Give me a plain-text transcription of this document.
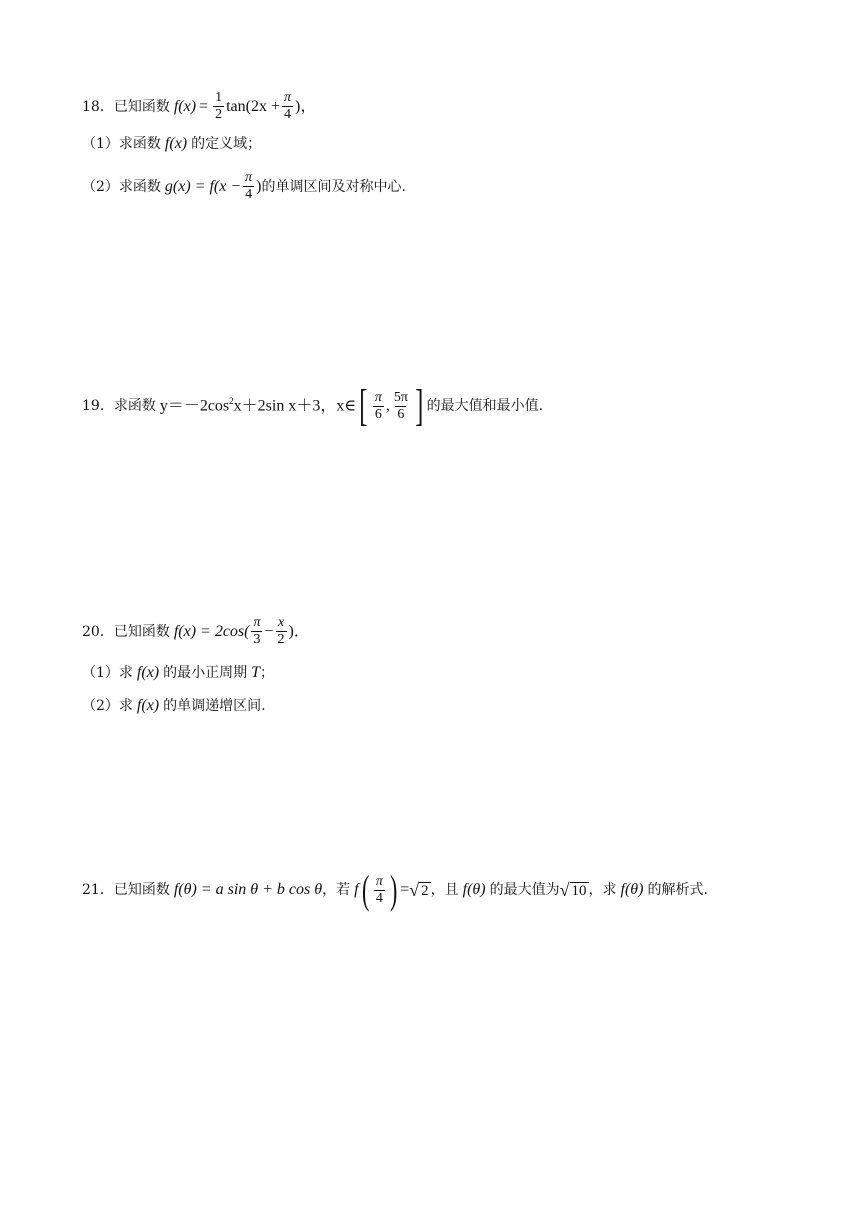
18． 已知函数 $f(x) = \frac{1}{2} \tan(2x + \frac{\pi}{4}$ )，
（1）求函数 f(x) 的定义域；
（2）求函数 $g(x) = f(x - \frac{\pi}{4}$ ) 的单调区间及对称中心.
19． 求函数 $y=-2\cos^2x+2\sin$ x＋3，x∈ [ $\frac{\pi}{6}$ , $\frac{5\pi}{6}$ ] 的最大值和最小值.
20． 已知函数 $f(x) = 2\cos( \frac{\pi}{3} - \frac{x}{2}$ )．
（1）求 f(x) 的最小正周期 T ；
（2）求 f(x) 的单调递增区间.
21． 已知函数 f(θ) = a sin θ + b cos θ ，若 f ( $\frac{\pi}{4}$ ) = √ 2 ，且 f(θ) 的最大值为 √ 10 ，求 f(θ) 的解析式.
